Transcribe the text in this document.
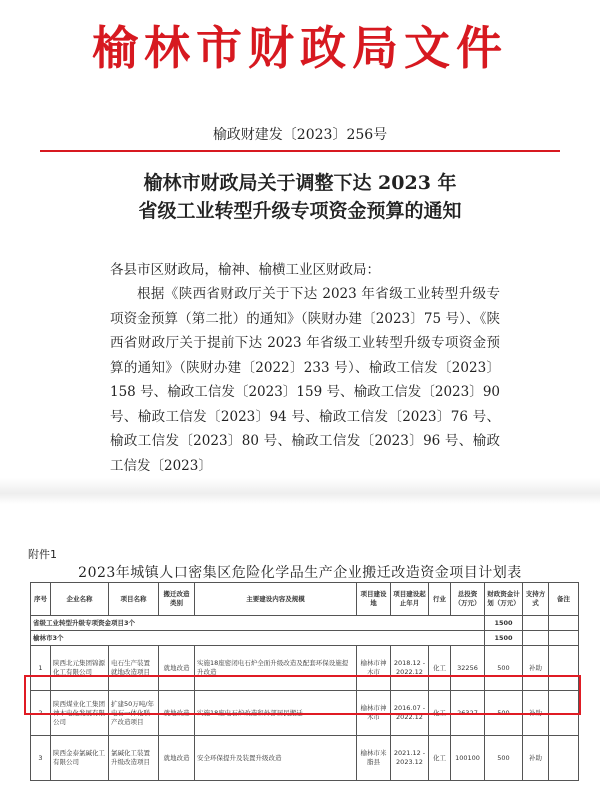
榆林市财政局文件
榆政财建发〔2023〕256号
榆林市财政局关于调整下达 2023 年
省级工业转型升级专项资金预算的通知
各县市区财政局，榆神、榆横工业区财政局：
根据《陕西省财政厅关于下达 2023 年省级工业转型升级专项资金预算（第二批）的通知》（陕财办建〔2023〕75 号）、《陕西省财政厅关于提前下达 2023 年省级工业转型升级专项资金预算的通知》（陕财办建〔2022〕233 号）、榆政工信发〔2023〕158 号、榆政工信发〔2023〕159 号、榆政工信发〔2023〕90 号、榆政工信发〔2023〕94 号、榆政工信发〔2023〕76 号、榆政工信发〔2023〕80 号、榆政工信发〔2023〕96 号、榆政工信发〔2023〕
附件1
2023年城镇人口密集区危险化学品生产企业搬迁改造资金项目计划表
序号	企业名称	项目名称	搬迁改造类别	主要建设内容及规模	项目建设地	项目建设起止年月	行业	总投资（万元）	财政资金计划（万元）	支持方式	备注
省级工业转型升级专项资金项目3个									1500		
榆林市3个									1500		
1	陕西北元集团锦源化工有限公司	电石生产装置就地改造项目	就地改造	实施18座密闭电石炉全面升级改造及配套环保设施提升改造	榆林市神木市	2018.12 - 2022.12	化工	32256	500	补助	
2	陕西煤业化工集团神木电化发展有限公司	扩建50万吨/年电石一体化联产改造项目	就地改造	实施18座电石炉改造和外部居民搬迁	榆林市神木市	2016.07 - 2022.12	化工	26327	500	补助	
3	陕西金泰氯碱化工有限公司	氯碱化工装置升级改造项目	就地改造	安全环保提升及装置升级改造	榆林市米脂县	2021.12 - 2023.12	化工	100100	500	补助	
